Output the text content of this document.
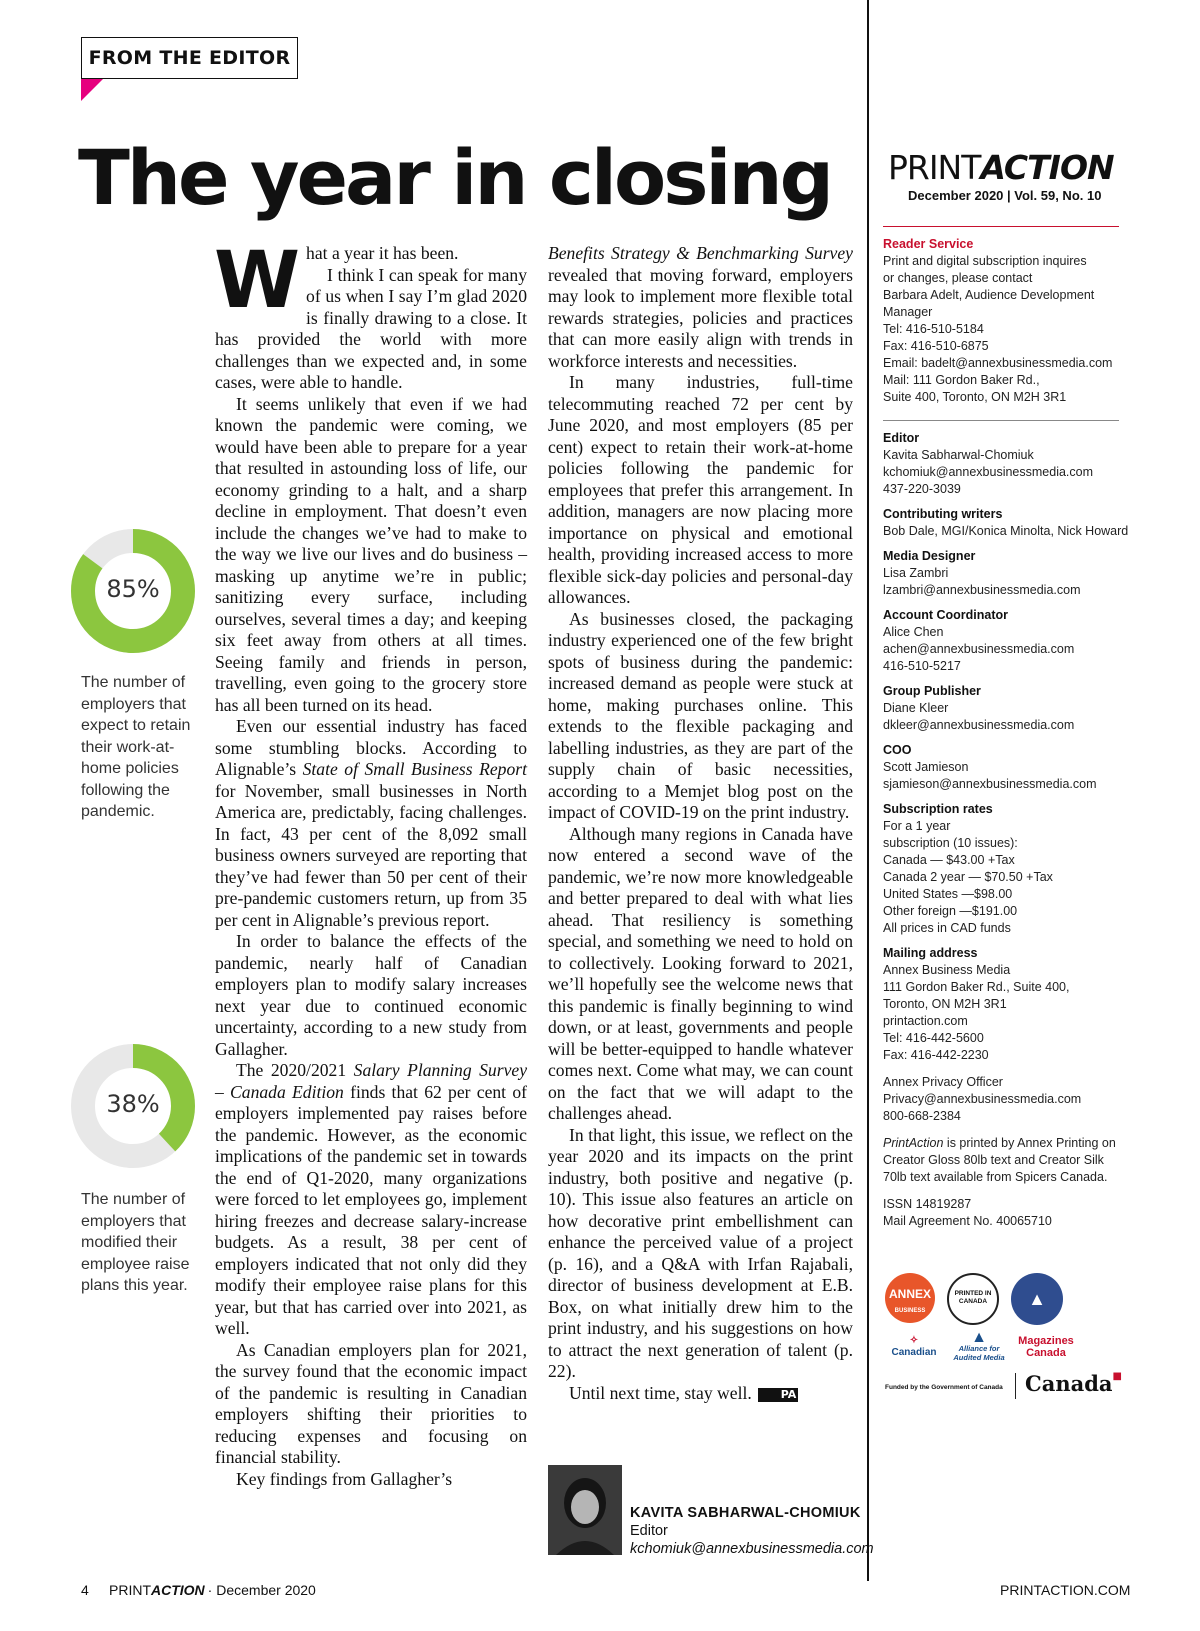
FROM THE EDITOR
The year in closing
85%
The number of employers that expect to retain their work-at-home policies following the pandemic.
38%
The number of employers that modified their employee raise plans this year.

What a year it has been.
I think I can speak for many of us when I say I’m glad 2020 is finally drawing to a close. It has provided the world with more challenges than we expected and, in some cases, were able to handle.

It seems unlikely that even if we had known the pandemic were coming, we would have been able to prepare for a year that resulted in astounding loss of life, our economy grinding to a halt, and a sharp decline in employment. That doesn’t even include the changes we’ve had to make to the way we live our lives and do business – masking up anytime we’re in public; sanitizing every surface, including ourselves, several times a day; and keeping six feet away from others at all times. Seeing family and friends in person, travelling, even going to the grocery store has all been turned on its head.

Even our essential industry has faced some stumbling blocks. According to Alignable’s State of Small Business Report for November, small businesses in North America are, predictably, facing challenges. In fact, 43 per cent of the 8,092 small business owners surveyed are reporting that they’ve had fewer than 50 per cent of their pre-pandemic customers return, up from 35 per cent in Alignable’s previous report.

In order to balance the effects of the pandemic, nearly half of Canadian employers plan to modify salary increases next year due to continued economic uncertainty, according to a new study from Gallagher.

The 2020/2021 Salary Planning Survey – Canada Edition finds that 62 per cent of employers implemented pay raises before the pandemic. However, as the economic implications of the pandemic set in towards the end of Q1-2020, many organizations were forced to let employees go, implement hiring freezes and decrease salary-increase budgets. As a result, 38 per cent of employers indicated that not only did they modify their employee raise plans for this year, but that has carried over into 2021, as well.

As Canadian employers plan for 2021, the survey found that the economic impact of the pandemic is resulting in Canadian employers shifting their priorities to reducing expenses and focusing on financial stability.

Key findings from Gallagher’s

Benefits Strategy & Benchmarking Survey revealed that moving forward, employers may look to implement more flexible total rewards strategies, policies and practices that can more easily align with trends in workforce interests and necessities.

In many industries, full-time telecommuting reached 72 per cent by June 2020, and most employers (85 per cent) expect to retain their work-at-home policies following the pandemic for employees that prefer this arrangement. In addition, managers are now placing more importance on physical and emotional health, providing increased access to more flexible sick-day policies and personal-day allowances.

As businesses closed, the packaging industry experienced one of the few bright spots of business during the pandemic: increased demand as people were stuck at home, making purchases online. This extends to the flexible packaging and labelling industries, as they are part of the supply chain of basic necessities, according to a Memjet blog post on the impact of COVID-19 on the print industry.

Although many regions in Canada have now entered a second wave of the pandemic, we’re now more knowledgeable and better prepared to deal with what lies ahead. That resiliency is something special, and something we need to hold on to collectively. Looking forward to 2021, we’ll hopefully see the welcome news that this pandemic is finally beginning to wind down, or at least, governments and people will be better-equipped to handle whatever comes next. Come what may, we can count on the fact that we will adapt to the challenges ahead.

In that light, this issue, we reflect on the year 2020 and its impacts on the print industry, both positive and negative (p. 10). This issue also features an article on how decorative print embellishment can enhance the perceived value of a project (p. 16), and a Q&A with Irfan Rajabali, director of business development at E.B. Box, on what initially drew him to the print industry, and his suggestions on how to attract the next generation of talent (p. 22).

Until next time, stay well.	PA

KAVITA SABHARWAL-CHOMIUK
Editor
kchomiuk@annexbusinessmedia.com
PRINTACTION
December 2020 | Vol. 59, No. 10
Reader Service
Print and digital subscription inquires
or changes, please contact
Barbara Adelt, Audience Development
Manager
Tel: 416-510-5184
Fax: 416-510-6875
Email: badelt@annexbusinessmedia.com
Mail: 111 Gordon Baker Rd.,
Suite 400, Toronto, ON M2H 3R1
Editor
Kavita Sabharwal-Chomiuk
kchomiuk@annexbusinessmedia.com
437-220-3039
Contributing writers
Bob Dale, MGI/Konica Minolta, Nick Howard
Media Designer
Lisa Zambri
lzambri@annexbusinessmedia.com
Account Coordinator
Alice Chen
achen@annexbusinessmedia.com
416-510-5217
Group Publisher
Diane Kleer
dkleer@annexbusinessmedia.com
COO
Scott Jamieson
sjamieson@annexbusinessmedia.com
Subscription rates
For a 1 year
subscription (10 issues):
Canada — $43.00 +Tax
Canada 2 year — $70.50 +Tax
United States —$98.00
Other foreign —$191.00
All prices in CAD funds
Mailing address
Annex Business Media
111 Gordon Baker Rd., Suite 400,
Toronto, ON M2H 3R1
printaction.com
Tel: 416-442-5600
Fax: 416-442-2230
Annex Privacy Officer
Privacy@annexbusinessmedia.com
800-668-2384
PrintAction is printed by Annex Printing on Creator Gloss 80lb text and Creator Silk 70lb text available from Spicers Canada.
ISSN 14819287
Mail Agreement No. 40065710
ANNEX
BUSINESS MEDIA
PRINTED IN CANADA	▲
✧
Canadian
▲
Alliance for Audited Media
Magazines Canada
Funded by the Government of Canada	Canada■
4 PRINTACTION · December 2020	PRINTACTION.COM
